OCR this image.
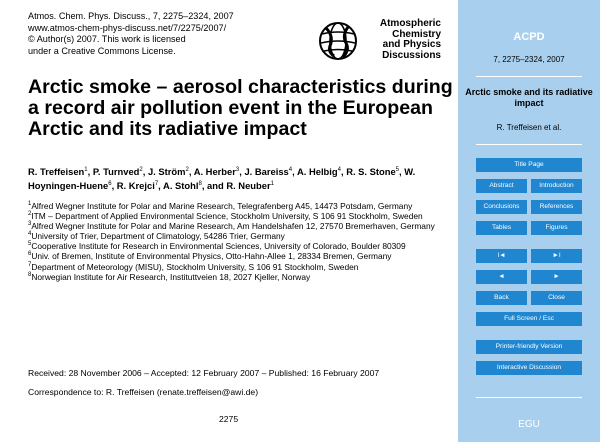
Atmos. Chem. Phys. Discuss., 7, 2275–2324, 2007
www.atmos-chem-phys-discuss.net/7/2275/2007/
© Author(s) 2007. This work is licensed
under a Creative Commons License.
Atmospheric
Chemistry
and Physics
Discussions
Arctic smoke – aerosol characteristics during a record air pollution event in the European Arctic and its radiative impact
R. Treffeisen$^1$, P. Turnved$^2$, J. Ström$^2$, A. Herber$^3$, J. Bareiss$^4$, A. Helbig$^4$, R. S. Stone$^5$, W. Hoyningen-Huene$^6$, R. Krejci$^7$, A. Stohl$^8$, and R. Neuber$^1$

$^1$Alfred Wegner Institute for Polar and Marine Research, Telegrafenberg A45, 14473 Potsdam, Germany

$^2$ITM – Department of Applied Environmental Science, Stockholm University, S 106 91 Stockholm, Sweden

$^3$Alfred Wegner Institute for Polar and Marine Research, Am Handelshafen 12, 27570 Bremerhaven, Germany

$^4$University of Trier, Department of Climatology, 54286 Trier, Germany

$^5$Cooperative Institute for Research in Environmental Sciences, University of Colorado, Boulder 80309

$^6$Univ. of Bremen, Institute of Environmental Physics, Otto-Hahn-Allee 1, 28334 Bremen, Germany

$^7$Department of Meteorology (MISU), Stockholm University, S 106 91 Stockholm, Sweden

$^8$Norwegian Institute for Air Research, Instituttveien 18, 2027 Kjeller, Norway

Received: 28 November 2006 – Accepted: 12 February 2007 – Published: 16 February 2007
Correspondence to: R. Treffeisen (renate.treffeisen@awi.de)
2275
ACPD
7, 2275–2324, 2007
Arctic smoke and its radiative impact
R. Treffeisen et al.
Title Page
Abstract	Introduction
Conclusions	References
Tables	Figures
I◄	►I
◄	►
Back	Close
Full Screen / Esc
Printer-friendly Version
Interactive Discussion
EGU
